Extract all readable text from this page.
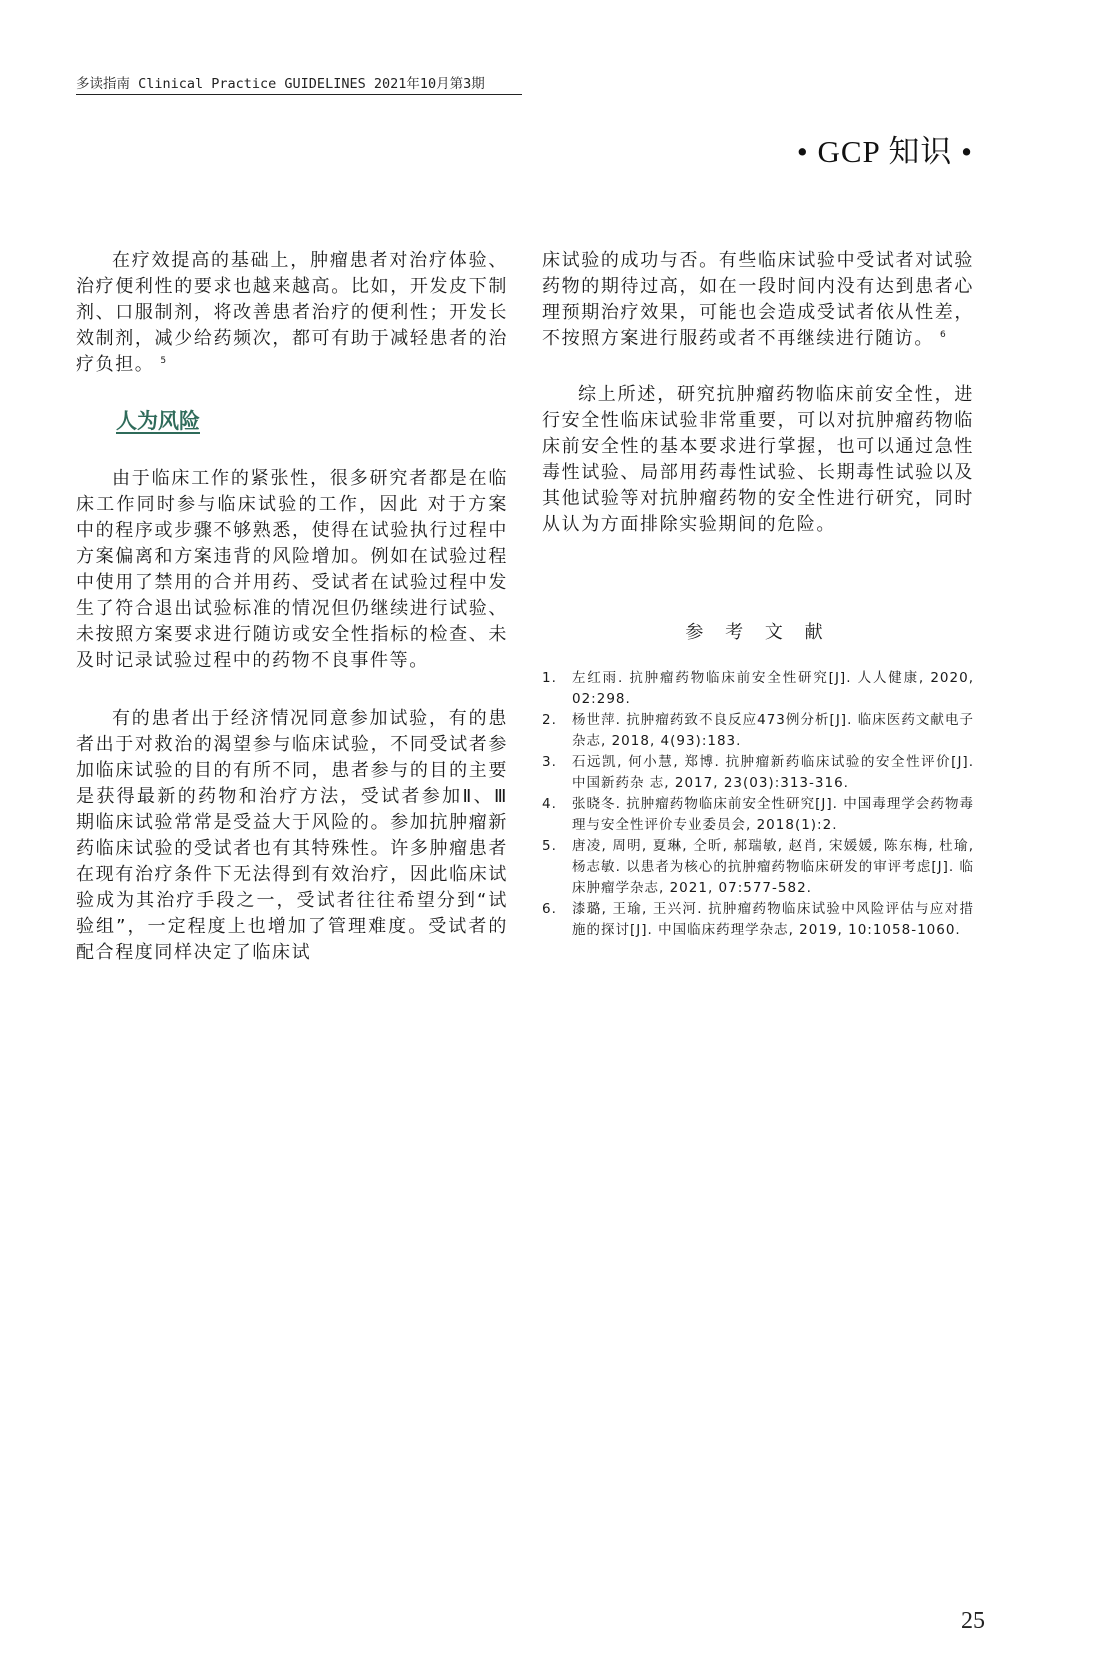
多读指南 Clinical Practice GUIDELINES 2021年10月第3期
• GCP 知识 •

在疗效提高的基础上，肿瘤患者对治疗体验、治疗便利性的要求也越来越高。比如，开发皮下制剂、口服制剂，将改善患者治疗的便利性；开发长效制剂，减少给药频次，都可有助于减轻患者的治疗负担。 $^5$

人为风险

由于临床工作的紧张性，很多研究者都是在临床工作同时参与临床试验的工作，因此 对于方案中的程序或步骤不够熟悉，使得在试验执行过程中方案偏离和方案违背的风险增加。例如在试验过程中使用了禁用的合并用药、受试者在试验过程中发生了符合退出试验标准的情况但仍继续进行试验、未按照方案要求进行随访或安全性指标的检查、未及时记录试验过程中的药物不良事件等。

有的患者出于经济情况同意参加试验，有的患者出于对救治的渴望参与临床试验，不同受试者参加临床试验的目的有所不同，患者参与的目的主要是获得最新的药物和治疗方法，受试者参加Ⅱ、Ⅲ期临床试验常常是受益大于风险的。参加抗肿瘤新药临床试验的受试者也有其特殊性。许多肿瘤患者在现有治疗条件下无法得到有效治疗，因此临床试验成为其治疗手段之一，受试者往往希望分到“试验组”，一定程度上也增加了管理难度。受试者的配合程度同样决定了临床试

床试验的成功与否。有些临床试验中受试者对试验药物的期待过高，如在一段时间内没有达到患者心理预期治疗效果，可能也会造成受试者依从性差，不按照方案进行服药或者不再继续进行随访。 $^6$

综上所述，研究抗肿瘤药物临床前安全性，进行安全性临床试验非常重要，可以对抗肿瘤药物临床前安全性的基本要求进行掌握，也可以通过急性毒性试验、局部用药毒性试验、长期毒性试验以及其他试验等对抗肿瘤药物的安全性进行研究，同时从认为方面排除实验期间的危险。

参 考 文 献
1.	左红雨. 抗肿瘤药物临床前安全性研究[J]. 人人健康, 2020, 02:298.
2.	杨世萍. 抗肿瘤药致不良反应473例分析[J]. 临床医药文献电子杂志, 2018, 4(93):183.
3.	石远凯, 何小慧, 郑博. 抗肿瘤新药临床试验的安全性评价[J]. 中国新药杂 志, 2017, 23(03):313-316.
4.	张晓冬. 抗肿瘤药物临床前安全性研究[J]. 中国毒理学会药物毒理与安全性评价专业委员会, 2018(1):2.
5.	唐凌, 周明, 夏琳, 仝昕, 郝瑞敏, 赵肖, 宋媛媛, 陈东梅, 杜瑜, 杨志敏. 以患者为核心的抗肿瘤药物临床研发的审评考虑[J]. 临床肿瘤学杂志, 2021, 07:577-582.
6.	漆璐, 王瑜, 王兴河. 抗肿瘤药物临床试验中风险评估与应对措施的探讨[J]. 中国临床药理学杂志, 2019, 10:1058-1060.
25
